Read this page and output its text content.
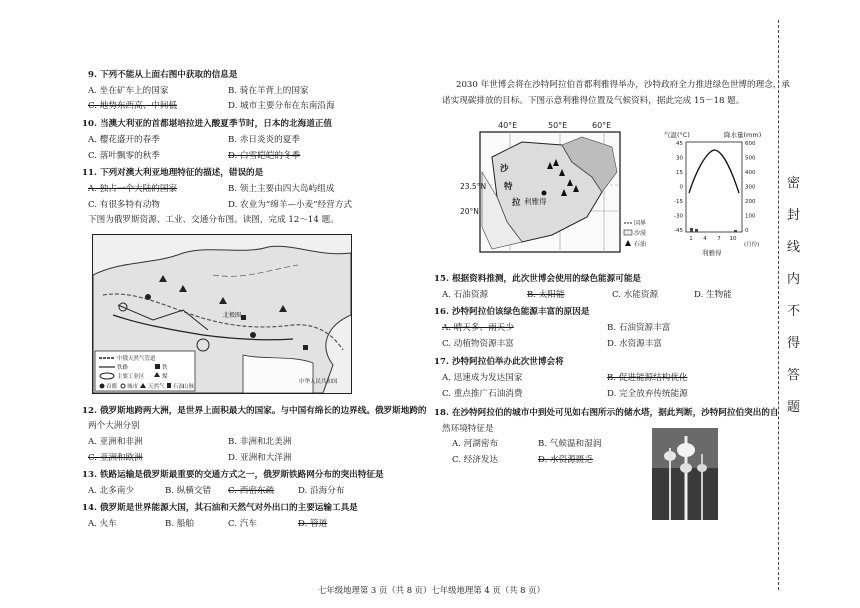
9. 下列不能从上面右图中获取的信息是
A. 坐在矿车上的国家	B. 骑在羊背上的国家
C. 地势东西高、中间低	D. 城市主要分布在东南沿海
10. 当澳大利亚的首都堪培拉进入酸夏季节时，日本的北海道正值
A. 樱花盛开的春季	B. 赤日炎炎的夏季
C. 落叶飘零的秋季	D. 白雪皑皑的冬季
11. 下列对澳大利亚地理特征的描述，错误的是
A. 独占一个大陆的国家	B. 领土主要由四大岛屿组成
C. 有很多特有动物	D. 农业为“绵羊—小麦”经营方式
下图为俄罗斯资源、工业、交通分布图。读图，完成 12～14 题。
北极圈
中华人民共和国
中俄天然气管道
铁路	铁
主要工业区	煤
首都 城市 天然气 石油
山脉
12. 俄罗斯地跨两大洲，是世界上面积最大的国家。与中国有绵长的边界线。俄罗斯地跨的
两个大洲分别
A. 亚洲和非洲	B. 非洲和北美洲
C. 亚洲和欧洲	D. 亚洲和大洋洲
13. 铁路运输是俄罗斯最重要的交通方式之一，俄罗斯铁路网分布的突出特征是
A. 北多南少	B. 纵横交错 C. 西密东疏	D. 沿海分布
14. 俄罗斯是世界能源大国，其石油和天然气对外出口的主要运输工具是
A. 火车	B. 船舶	C. 汽车	D. 管道
2030 年世博会将在沙特阿拉伯首都利雅得举办，沙特政府全力推进绿色世博的理念，承
诺实现碳排放的目标。下图示意利雅得位置及气候资料，据此完成 15－18 题。
40°E	50°E	60°E
23.5°N
20°N
沙
特
拉 利雅得
国界
沙漠
石油
气温(°C)	降水量(mm)
45
30
15
0
-15
-30
-45
600
500
400
300
200
100
0
1 4 7 10
(月份)
利雅得
15. 根据资料推测，此次世博会使用的绿色能源可能是
A. 石油资源	B. 太阳能	C. 水能资源	D. 生物能
16. 沙特阿拉伯该绿色能源丰富的原因是
A. 晴天多、雨天少	B. 石油资源丰富
C. 动植物资源丰富	D. 水资源丰富
17. 沙特阿拉伯举办此次世博会将
A. 迅速成为发达国家	B. 促进能源结构优化
C. 重点推广石油消费	D. 完全放弃传统能源
18. 在沙特阿拉伯的城市中到处可见如右图所示的储水塔，据此判断，沙特阿拉伯突出的自
然环境特征是
A. 河湖密布	B. 气候温和湿润
C. 经济发达	D. 水资源匮乏
密
封
线
内
不
得
答
题
七年级地理第 3 页（共 8 页）七年级地理第 4 页（共 8 页）
